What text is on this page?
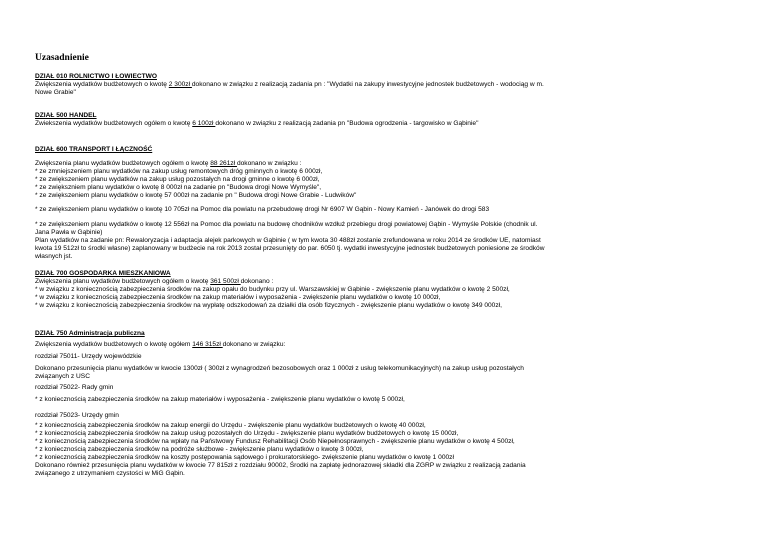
Uzasadnienie
DZIAŁ 010 ROLNICTWO I ŁOWIECTWO

Zwiększenia wydatków budżetowych o kwotę 2 300zł dokonano w związku z realizacją zadania pn : "Wydatki na zakupy inwestycyjne jednostek budżetowych - wodociąg w m.

Nowe Grabie"

DZIAŁ 500 HANDEL

Zwiekszenia wydatków budżetowych ogółem o kwotę 6 100zł dokonano w związku z realizacją zadania pn "Budowa ogrodzenia - targowisko w Gąbinie"

DZIAŁ 600 TRANSPORT I ŁĄCZNOŚĆ

Zwiększenia planu wydatków budżetowych ogółem o kwotę 88 261zł dokonano w związku :

* ze zmniejszeniem planu wydatków na zakup usług remontowych dróg gminnych o kwotę 6 000zł,

* ze zwiększeniem planu wydatków na zakup usług pozostałych na drogi gminne o kwotę 6 000zł,

* ze zwiększniem planu wydatków o kwotę 8 000zł na zadanie pn "Budowa drogi Nowe Wymyśle",

* ze zwiększeniem planu wydatków o kwotę 57 000zł na zadanie pn " Budowa drogi Nowe Grabie - Ludwików"

* ze zwiększeniem planu wydatków o kwotę 10 705zł na Pomoc dla powiatu na przebudowę drogi Nr 6907 W Gąbin - Nowy Kamień - Janówek do drogi 583

* ze zwiększeniem planu wydatków o kwotę 12 556zł na Pomoc dla powiatu na budowę chodników wzdłuż przebiegu drogi powiatowej Gąbin - Wymyśle Polskie (chodnik ul.

Jana Pawła w Gąbinie)

Plan wydatków na zadanie pn: Rewaloryzacja i adaptacja alejek parkowych w Gąbinie ( w tym kwota 30 488zł zostanie zrefundowana w roku 2014 ze środków UE, natomiast

kwota 19 512zł to środki własne) zaplanowany w budżecie na rok 2013 został przesunięty do par. 6050 tj. wydatki inwestycyjne jednostek budżetowych poniesione ze środków

własnych jst.

DZIAŁ 700 GOSPODARKA MIESZKANIOWA

Zwiększenia planu wydatków budżetowych ogółem o kwotę 361 500zł dokonano :

* w związku z koniecznością zabezpieczenia środków na zakup opału do budynku przy ul. Warszawskiej w Gąbinie - zwiększenie planu wydatków o kwotę 2 500zł,

* w związku z koniecznością zabezpieczenia środków na zakup materiałów i wyposażenia - zwiększenie planu wydatków o kwotę 10 000zł,

* w związku z koniecznością zabezpieczenia środków na wypłatę odszkodowań za działki dla osób fizycznych - zwiększenie planu wydatków o kwotę 349 000zł,

DZIAŁ 750 Administracja publiczna

Zwiększenia wydatków budżetowych o kwotę ogółem 146 315zł dokonano w związku:

rozdział 75011- Urzędy wojewódzkie

Dokonano przesunięcia planu wydatków w kwocie 1300zł ( 300zł z wynagrodzeń bezosobowych oraz 1 000zł z usług telekomunikacyjnych) na zakup usług pozostałych

związanych z USC

rozdział 75022- Rady gmin

* z koniecznością zabezpieczenia środków na zakup materiałów i wyposażenia - zwiększenie planu wydatków o kwotę 5 000zł,

rozdział 75023- Urzędy gmin

* z koniecznością zabezpieczenia środków na zakup energii do Urzędu - zwiększenie planu wydatków budżetowych o kwotę 40 000zł,

* z koniecznością zabezpieczenia środków na zakup usług pozostałych do Urzędu - zwiększenie planu wydatków budżetowych o kwotę 15 000zł,

* z koniecznością zabezpieczenia środków na wpłaty na Państwowy Fundusz Rehabilitacji Osób Niepełnosprawnych - zwiększenie planu wydatków o kwotę 4 500zł,

* z koniecznością zabezpieczenia środków na podróże służbowe - zwiększenie planu wydatków o kwotę 3 000zł,

* z koniecznością zabezpieczenia środków na koszty postępowania sądowego i prokuratorskiego- zwiększenie planu wydatków o kwotę 1 000zł

Dokonano również przesunięcia planu wydatków w kwocie 77 815zł z rozdziału 90002, Środki na zapłatę jednorazowej składki dla ZGRP w związku z realizacją zadania

związanego z utrzymaniem czystości w MiG Gąbin.
